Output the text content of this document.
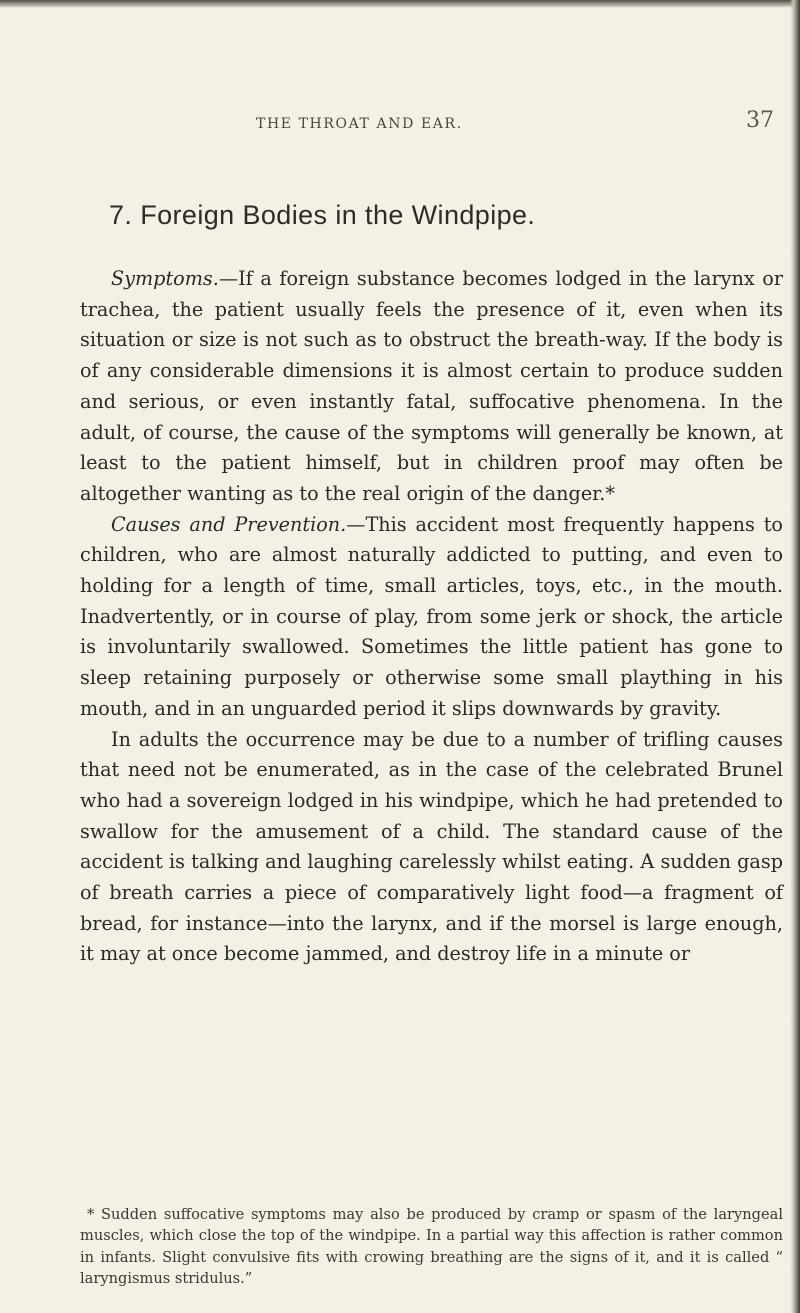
THE THROAT AND EAR.	37
7. Foreign Bodies in the Windpipe.

Symptoms.—If a foreign substance becomes lodged in the larynx or trachea, the patient usually feels the presence of it, even when its situation or size is not such as to obstruct the breath-way. If the body is of any considerable dimensions it is almost certain to produce sudden and serious, or even instantly fatal, suffocative phenomena. In the adult, of course, the cause of the symptoms will generally be known, at least to the patient himself, but in children proof may often be altogether wanting as to the real origin of the danger.*

Causes and Prevention.—This accident most frequently happens to children, who are almost naturally addicted to putting, and even to holding for a length of time, small articles, toys, etc., in the mouth. Inadvertently, or in course of play, from some jerk or shock, the article is involuntarily swallowed. Sometimes the little patient has gone to sleep retaining purposely or otherwise some small plaything in his mouth, and in an unguarded period it slips downwards by gravity.

In adults the occurrence may be due to a number of trifling causes that need not be enumerated, as in the case of the celebrated Brunel who had a sovereign lodged in his windpipe, which he had pretended to swallow for the amusement of a child. The standard cause of the accident is talking and laughing carelessly whilst eating. A sudden gasp of breath carries a piece of comparatively light food—a fragment of bread, for instance—into the larynx, and if the morsel is large enough, it may at once become jammed, and destroy life in a minute or

* Sudden suffocative symptoms may also be produced by cramp or spasm of the laryngeal muscles, which close the top of the windpipe. In a partial way this affection is rather common in infants. Slight convulsive fits with crowing breathing are the signs of it, and it is called “ laryngismus stridulus.”
